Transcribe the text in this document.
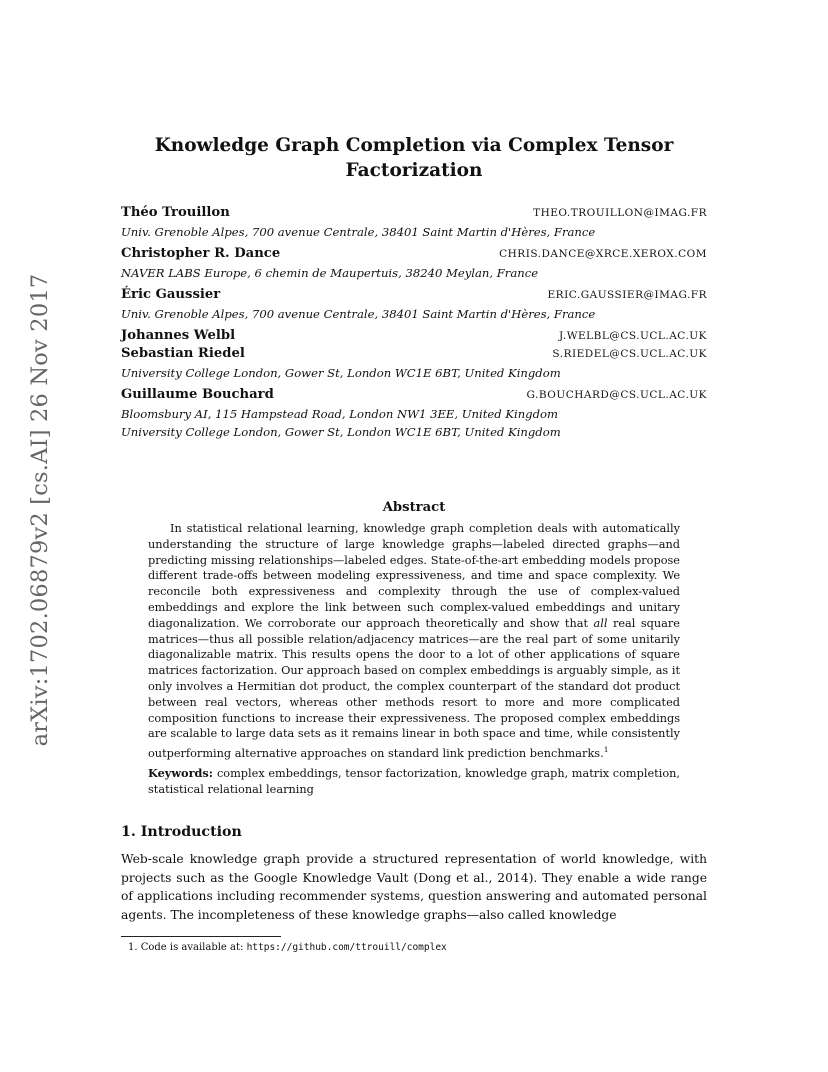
arXiv:1702.06879v2 [cs.AI] 26 Nov 2017
Knowledge Graph Completion via Complex Tensor
Factorization
Théo Trouillon	THEO.TROUILLON@IMAG.FR
Univ. Grenoble Alpes, 700 avenue Centrale, 38401 Saint Martin d'Hères, France
Christopher R. Dance	CHRIS.DANCE@XRCE.XEROX.COM
NAVER LABS Europe, 6 chemin de Maupertuis, 38240 Meylan, France
Éric Gaussier	ERIC.GAUSSIER@IMAG.FR
Univ. Grenoble Alpes, 700 avenue Centrale, 38401 Saint Martin d'Hères, France
Johannes Welbl	J.WELBL@CS.UCL.AC.UK
Sebastian Riedel	S.RIEDEL@CS.UCL.AC.UK
University College London, Gower St, London WC1E 6BT, United Kingdom
Guillaume Bouchard	G.BOUCHARD@CS.UCL.AC.UK
Bloomsbury AI, 115 Hampstead Road, London NW1 3EE, United Kingdom
University College London, Gower St, London WC1E 6BT, United Kingdom
Abstract

In statistical relational learning, knowledge graph completion deals with automatically understanding the structure of large knowledge graphs—labeled directed graphs—and predicting missing relationships—labeled edges. State-of-the-art embedding models propose different trade-offs between modeling expressiveness, and time and space complexity. We reconcile both expressiveness and complexity through the use of complex-valued embeddings and explore the link between such complex-valued embeddings and unitary diagonalization. We corroborate our approach theoretically and show that all real square matrices—thus all possible relation/adjacency matrices—are the real part of some unitarily diagonalizable matrix. This results opens the door to a lot of other applications of square matrices factorization. Our approach based on complex embeddings is arguably simple, as it only involves a Hermitian dot product, the complex counterpart of the standard dot product between real vectors, whereas other methods resort to more and more complicated composition functions to increase their expressiveness. The proposed complex embeddings are scalable to large data sets as it remains linear in both space and time, while consistently outperforming alternative approaches on standard link prediction benchmarks.$^1$

Keywords: complex embeddings, tensor factorization, knowledge graph, matrix completion, statistical relational learning

1. Introduction

Web-scale knowledge graph provide a structured representation of world knowledge, with projects such as the Google Knowledge Vault (Dong et al., 2014). They enable a wide range of applications including recommender systems, question answering and automated personal agents. The incompleteness of these knowledge graphs—also called knowledge

1. Code is available at: https://github.com/ttrouill/complex
